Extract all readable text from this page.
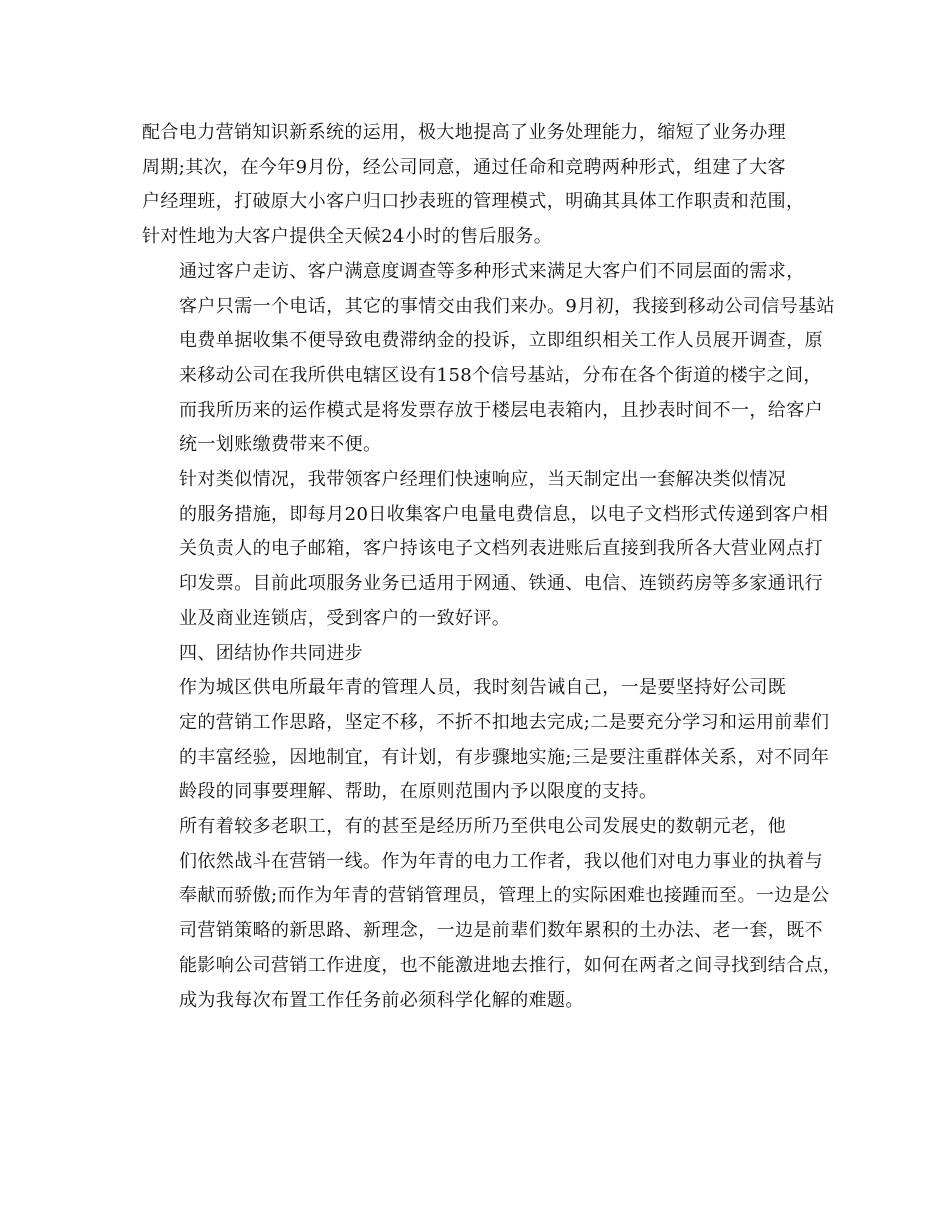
配合电力营销知识新系统的运用，极大地提高了业务处理能力，缩短了业务办理
周期;其次，在今年9月份，经公司同意，通过任命和竞聘两种形式，组建了大客
户经理班，打破原大小客户归口抄表班的管理模式，明确其具体工作职责和范围，
针对性地为大客户提供全天候24小时的售后服务。

通过客户走访、客户满意度调查等多种形式来满足大客户们不同层面的需求，
客户只需一个电话，其它的事情交由我们来办。9月初，我接到移动公司信号基站
电费单据收集不便导致电费滞纳金的投诉，立即组织相关工作人员展开调查，原
来移动公司在我所供电辖区设有158个信号基站，分布在各个街道的楼宇之间，
而我所历来的运作模式是将发票存放于楼层电表箱内，且抄表时间不一，给客户
统一划账缴费带来不便。

针对类似情况，我带领客户经理们快速响应，当天制定出一套解决类似情况
的服务措施，即每月20日收集客户电量电费信息，以电子文档形式传递到客户相
关负责人的电子邮箱，客户持该电子文档列表进账后直接到我所各大营业网点打
印发票。目前此项服务业务已适用于网通、铁通、电信、连锁药房等多家通讯行
业及商业连锁店，受到客户的一致好评。

四、团结协作共同进步

作为城区供电所最年青的管理人员，我时刻告诫自己，一是要坚持好公司既
定的营销工作思路，坚定不移，不折不扣地去完成;二是要充分学习和运用前辈们
的丰富经验，因地制宜，有计划，有步骤地实施;三是要注重群体关系，对不同年
龄段的同事要理解、帮助，在原则范围内予以限度的支持。

所有着较多老职工，有的甚至是经历所乃至供电公司发展史的数朝元老，他
们依然战斗在营销一线。作为年青的电力工作者，我以他们对电力事业的执着与
奉献而骄傲;而作为年青的营销管理员，管理上的实际困难也接踵而至。一边是公
司营销策略的新思路、新理念，一边是前辈们数年累积的土办法、老一套，既不
能影响公司营销工作进度，也不能激进地去推行，如何在两者之间寻找到结合点，
成为我每次布置工作任务前必须科学化解的难题。
